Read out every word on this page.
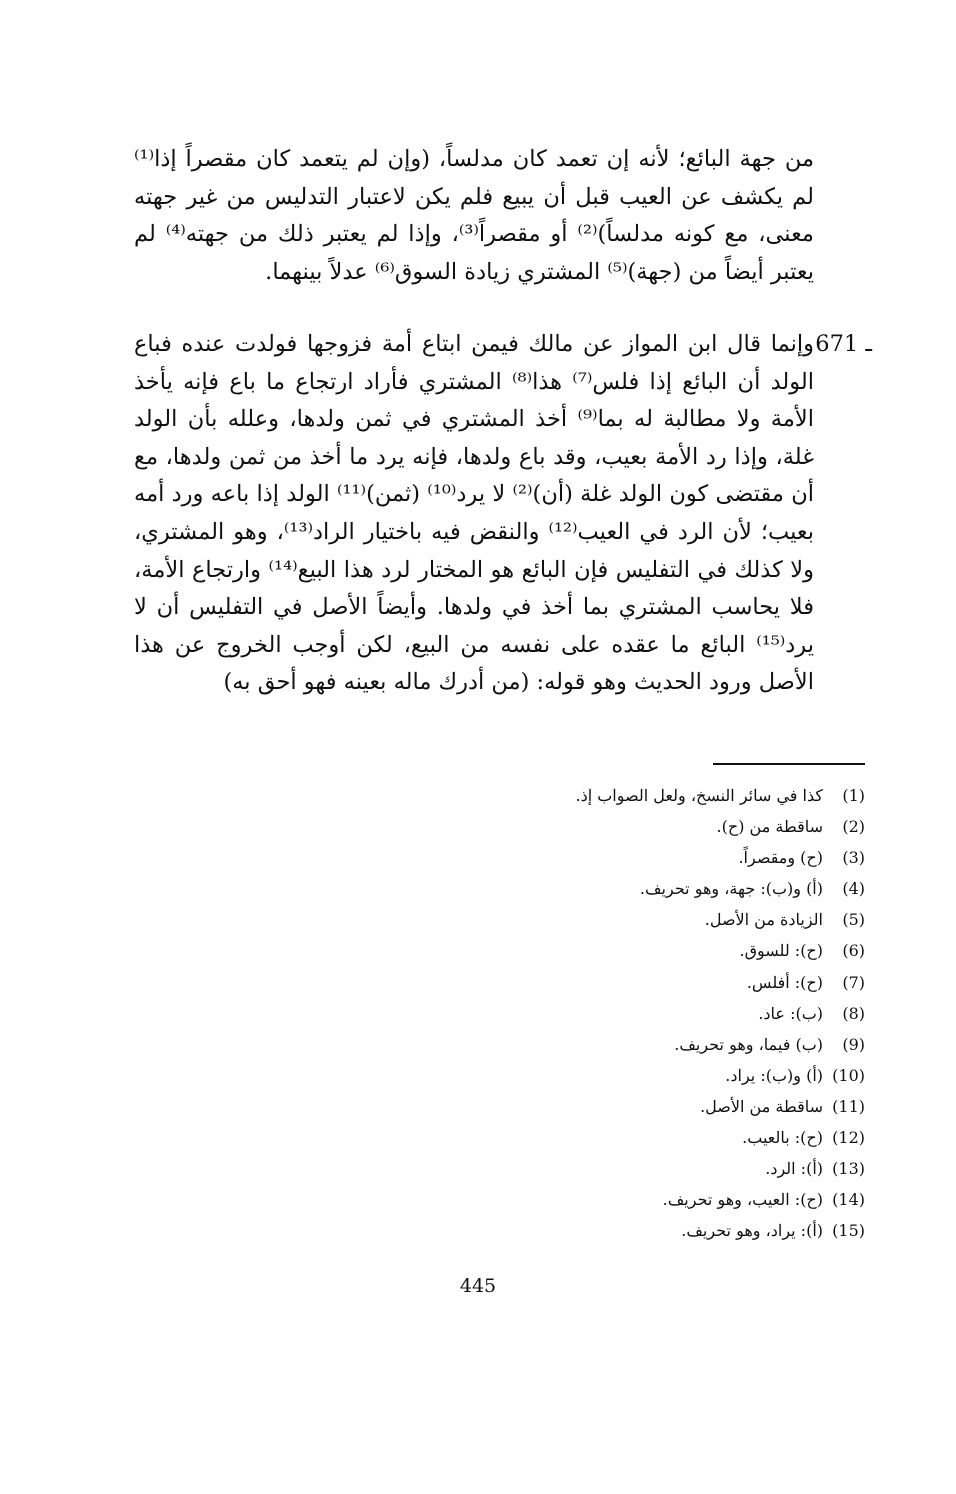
من جهة البائع؛ لأنه إن تعمد كان مدلساً، (وإن لم يتعمد كان مقصراً إذا⁽¹⁾ لم يكشف عن العيب قبل أن يبيع فلم يكن لاعتبار التدليس من غير جهته معنى، مع كونه مدلساً)⁽²⁾ أو مقصراً⁽³⁾، وإذا لم يعتبر ذلك من جهته⁽⁴⁾ لم يعتبر أيضاً من (جهة)⁽⁵⁾ المشتري زيادة السوق⁽⁶⁾ عدلاً بينهما.

671 ـ
وإنما قال ابن المواز عن مالك فيمن ابتاع أمة فزوجها فولدت عنده فباع الولد أن البائع إذا فلس⁽⁷⁾ هذا⁽⁸⁾ المشتري فأراد ارتجاع ما باع فإنه يأخذ الأمة ولا مطالبة له بما⁽⁹⁾ أخذ المشتري في ثمن ولدها، وعلله بأن الولد غلة، وإذا رد الأمة بعيب، وقد باع ولدها، فإنه يرد ما أخذ من ثمن ولدها، مع أن مقتضى كون الولد غلة (أن)⁽²⁾ لا يرد⁽¹⁰⁾ (ثمن)⁽¹¹⁾ الولد إذا باعه ورد أمه بعيب؛ لأن الرد في العيب⁽¹²⁾ والنقض فيه باختيار الراد⁽¹³⁾، وهو المشتري، ولا كذلك في التفليس فإن البائع هو المختار لرد هذا البيع⁽¹⁴⁾ وارتجاع الأمة، فلا يحاسب المشتري بما أخذ في ولدها. وأيضاً الأصل في التفليس أن لا يرد⁽¹⁵⁾ البائع ما عقده على نفسه من البيع، لكن أوجب الخروج عن هذا الأصل ورود الحديث وهو قوله: (من أدرك ماله بعينه فهو أحق به)

(1)كذا في سائر النسخ، ولعل الصواب إذ.
(2)ساقطة من (ح).
(3)(ح) ومقصراً.
(4)(أ) و(ب): جهة، وهو تحريف.
(5)الزيادة من الأصل.
(6)(ح): للسوق.
(7)(ح): أفلس.
(8)(ب): عاد.
(9)(ب) فيما، وهو تحريف.
(10)(أ) و(ب): يراد.
(11)ساقطة من الأصل.
(12)(ح): بالعيب.
(13)(أ): الرد.
(14)(ح): العيب، وهو تحريف.
(15)(أ): يراد، وهو تحريف.
445
